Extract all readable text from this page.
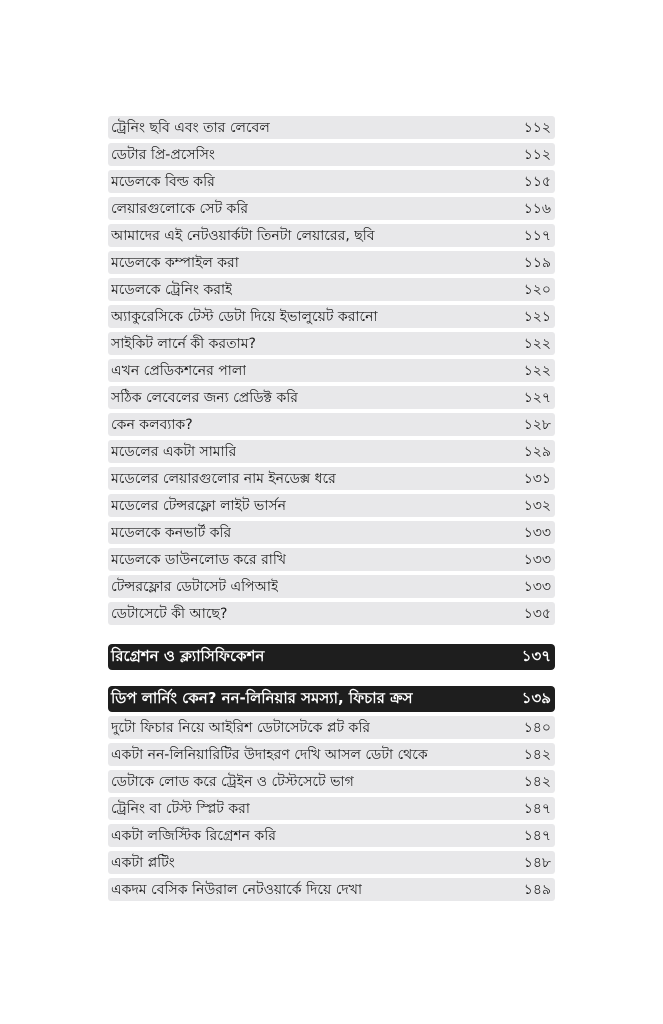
ট্রেনিং ছবি এবং তার লেবেল	১১২
ডেটার প্রি-প্রসেসিং	১১২
মডেলকে বিল্ড করি	১১৫
লেয়ারগুলোকে সেট করি	১১৬
আমাদের এই নেটওয়ার্কটা তিনটা লেয়ারের, ছবি	১১৭
মডেলকে কম্পাইল করা	১১৯
মডেলকে ট্রেনিং করাই	১২০
অ্যাকুরেসিকে টেস্ট ডেটা দিয়ে ইভালুয়েট করানো	১২১
সাইকিট লার্নে কী করতাম?	১২২
এখন প্রেডিকশনের পালা	১২২
সঠিক লেবেলের জন্য প্রেডিক্ট করি	১২৭
কেন কলব্যাক?	১২৮
মডেলের একটা সামারি	১২৯
মডেলের লেয়ারগুলোর নাম ইনডেক্স ধরে	১৩১
মডেলের টেন্সরফ্লো লাইট ভার্সন	১৩২
মডেলকে কনভার্ট করি	১৩৩
মডেলকে ডাউনলোড করে রাখি	১৩৩
টেন্সরফ্লোর ডেটাসেট এপিআই	১৩৩
ডেটাসেটে কী আছে?	১৩৫
রিগ্রেশন ও ক্ল্যাসিফিকেশন	১৩৭
ডিপ লার্নিং কেন? নন-লিনিয়ার সমস্যা, ফিচার ক্রস	১৩৯
দুটো ফিচার নিয়ে আইরিশ ডেটাসেটকে প্লট করি	১৪০
একটা নন-লিনিয়ারিটির উদাহরণ দেখি আসল ডেটা থেকে	১৪২
ডেটাকে লোড করে ট্রেইন ও টেস্টসেটে ভাগ	১৪২
ট্রেনিং বা টেস্ট স্প্লিট করা	১৪৭
একটা লজিস্টিক রিগ্রেশন করি	১৪৭
একটা প্লটিং	১৪৮
একদম বেসিক নিউরাল নেটওয়ার্কে দিয়ে দেখা	১৪৯
